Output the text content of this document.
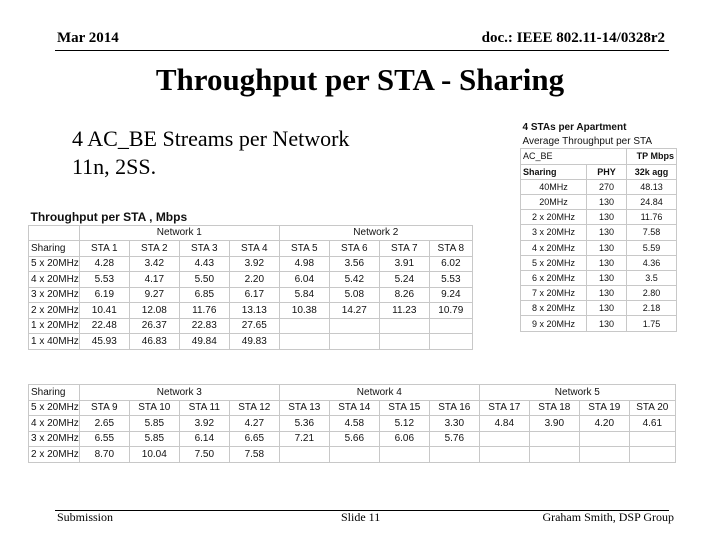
Mar 2014	doc.: IEEE 802.11-14/0328r2
Throughput per STA - Sharing
4 AC_BE Streams per Network
11n, 2SS.
Throughput per STA , Mbps								
	Network 1				Network 2			
Sharing	STA 1	STA 2	STA 3	STA 4	STA 5	STA 6	STA 7	STA 8
5 x 20MHz	4.28	3.42	4.43	3.92	4.98	3.56	3.91	6.02
4 x 20MHz	5.53	4.17	5.50	2.20	6.04	5.42	5.24	5.53
3 x 20MHz	6.19	9.27	6.85	6.17	5.84	5.08	8.26	9.24
2 x 20MHz	10.41	12.08	11.76	13.13	10.38	14.27	11.23	10.79
1 x 20MHz	22.48	26.37	22.83	27.65				
1 x 40MHz	45.93	46.83	49.84	49.83				
Sharing	Network 3				Network 4				Network 5			
5 x 20MHz	STA 9	STA 10	STA 11	STA 12	STA 13	STA 14	STA 15	STA 16	STA 17	STA 18	STA 19	STA 20
4 x 20MHz	2.65	5.85	3.92	4.27	5.36	4.58	5.12	3.30	4.84	3.90	4.20	4.61
3 x 20MHz	6.55	5.85	6.14	6.65	7.21	5.66	6.06	5.76				
2 x 20MHz	8.70	10.04	7.50	7.58								
4 STAs per Apartment		
Average Throughput per STA		
AC_BE		TP Mbps
Sharing	PHY	32k agg
40MHz	270	48.13
20MHz	130	24.84
2 x 20MHz	130	11.76
3 x 20MHz	130	7.58
4 x 20MHz	130	5.59
5 x 20MHz	130	4.36
6 x 20MHz	130	3.5
7 x 20MHz	130	2.80
8 x 20MHz	130	2.18
9 x 20MHz	130	1.75
Submission	Slide 11	Graham Smith, DSP Group
